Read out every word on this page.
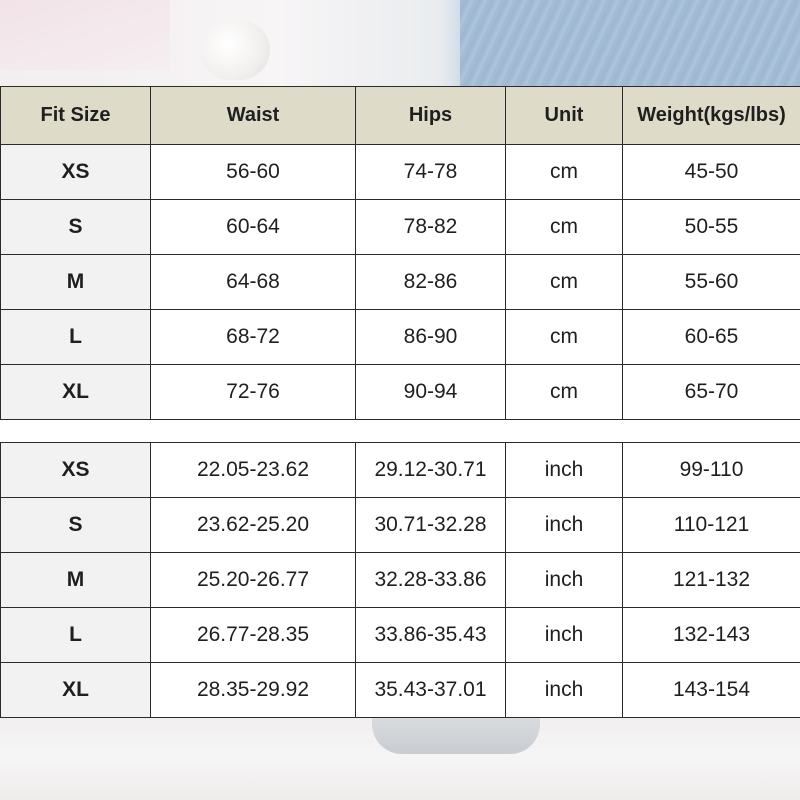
Fit Size	Waist	Hips	Unit	Weight(kgs/lbs)
XS	56-60	74-78	cm	45-50
S	60-64	78-82	cm	50-55
M	64-68	82-86	cm	55-60
L	68-72	86-90	cm	60-65
XL	72-76	90-94	cm	65-70
XS	22.05-23.62	29.12-30.71	inch	99-110
S	23.62-25.20	30.71-32.28	inch	110-121
M	25.20-26.77	32.28-33.86	inch	121-132
L	26.77-28.35	33.86-35.43	inch	132-143
XL	28.35-29.92	35.43-37.01	inch	143-154
